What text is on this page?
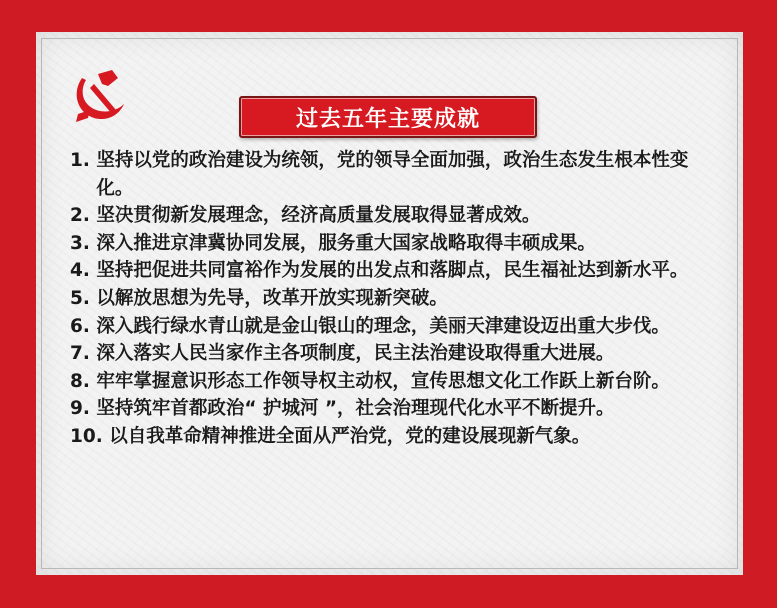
过去五年主要成就
1. 坚持以党的政治建设为统领，党的领导全面加强，政治生态发生根本性变化。
2. 坚决贯彻新发展理念，经济高质量发展取得显著成效。
3. 深入推进京津冀协同发展，服务重大国家战略取得丰硕成果。
4. 坚持把促进共同富裕作为发展的出发点和落脚点，民生福祉达到新水平。
5. 以解放思想为先导，改革开放实现新突破。
6. 深入践行绿水青山就是金山银山的理念，美丽天津建设迈出重大步伐。
7. 深入落实人民当家作主各项制度，民主法治建设取得重大进展。
8. 牢牢掌握意识形态工作领导权主动权，宣传思想文化工作跃上新台阶。
9. 坚持筑牢首都政治“ 护城河 ”，社会治理现代化水平不断提升。
10. 以自我革命精神推进全面从严治党，党的建设展现新气象。
